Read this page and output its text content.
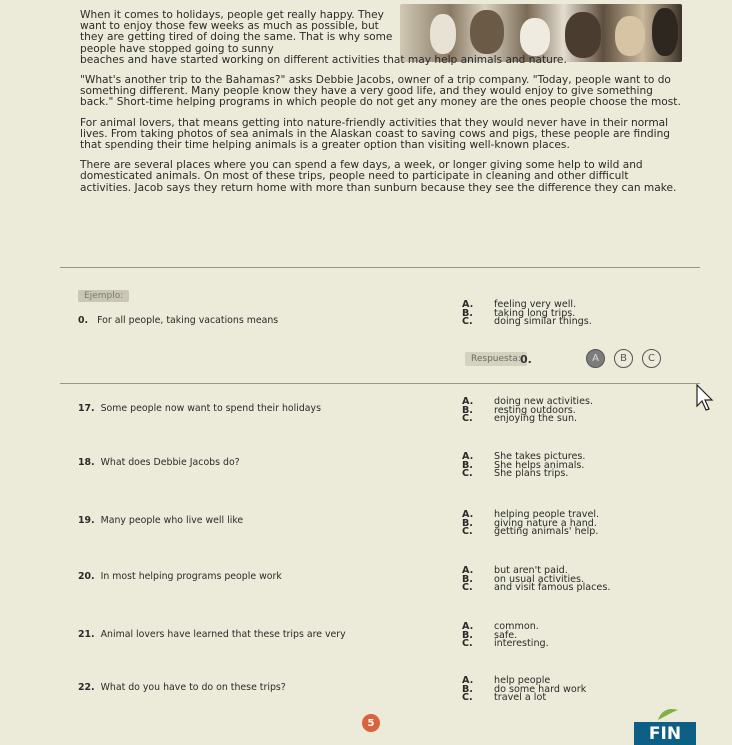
When it comes to holidays, people get really happy. They want to enjoy those few weeks as much as possible, but they are getting tired of doing the same. That is why some people have stopped going to sunny

beaches and have started working on different activities that may help animals and nature.

"What's another trip to the Bahamas?" asks Debbie Jacobs, owner of a trip company. "Today, people want to do something different. Many people know they have a very good life, and they would enjoy to give something back." Short-time helping programs in which people do not get any money are the ones people choose the most.

For animal lovers, that means getting into nature-friendly activities that they would never have in their normal lives. From taking photos of sea animals in the Alaskan coast to saving cows and pigs, these people are finding that spending their time helping animals is a greater option than visiting well-known places.

There are several places where you can spend a few days, a week, or longer giving some help to wild and domesticated animals. On most of these trips, people need to participate in cleaning and other difficult activities. Jacob says they return home with more than sunburn because they see the difference they can make.

Ejemplo:
0. For all people, taking vacations means
A.	feeling very well.
B.	taking long trips.
C.	doing similar things.
Respuesta: 0.	A	B	C
17. Some people now want to spend their holidays
A.	doing new activities.
B.	resting outdoors.
C.	enjoying the sun.
18. What does Debbie Jacobs do?
A.	She takes pictures.
B.	She helps animals.
C.	She plans trips.
19. Many people who live well like
A.	helping people travel.
B.	giving nature a hand.
C.	getting animals' help.
20. In most helping programs people work
A.	but aren't paid.
B.	on usual activities.
C.	and visit famous places.
21. Animal lovers have learned that these trips are very
A.	common.
B.	safe.
C.	interesting.
22. What do you have to do on these trips?
A.	help people
B.	do some hard work
C.	travel a lot
5
FIN
